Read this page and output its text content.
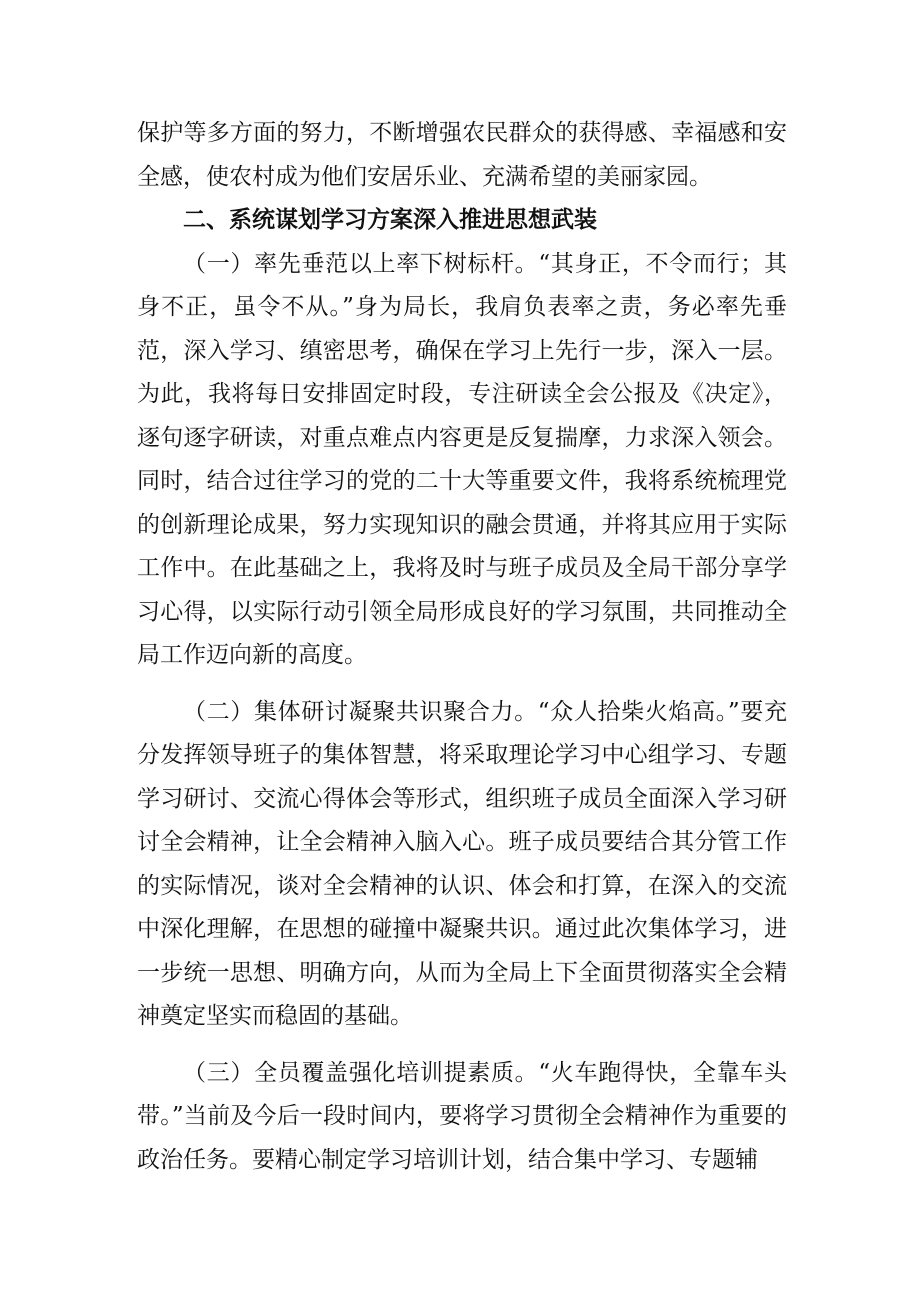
保护等多方面的努力，不断增强农民群众的获得感、幸福感和安全感，使农村成为他们安居乐业、充满希望的美丽家园。

二、系统谋划学习方案深入推进思想武装

（一）率先垂范以上率下树标杆。“其身正，不令而行；其身不正，虽令不从。”身为局长，我肩负表率之责，务必率先垂范，深入学习、缜密思考，确保在学习上先行一步，深入一层。为此，我将每日安排固定时段，专注研读全会公报及《决定》，逐句逐字研读，对重点难点内容更是反复揣摩，力求深入领会。同时，结合过往学习的党的二十大等重要文件，我将系统梳理党的创新理论成果，努力实现知识的融会贯通，并将其应用于实际工作中。在此基础之上，我将及时与班子成员及全局干部分享学习心得，以实际行动引领全局形成良好的学习氛围，共同推动全局工作迈向新的高度。

（二）集体研讨凝聚共识聚合力。“众人拾柴火焰高。”要充分发挥领导班子的集体智慧，将采取理论学习中心组学习、专题学习研讨、交流心得体会等形式，组织班子成员全面深入学习研讨全会精神，让全会精神入脑入心。班子成员要结合其分管工作的实际情况，谈对全会精神的认识、体会和打算，在深入的交流中深化理解，在思想的碰撞中凝聚共识。通过此次集体学习，进一步统一思想、明确方向，从而为全局上下全面贯彻落实全会精神奠定坚实而稳固的基础。

（三）全员覆盖强化培训提素质。“火车跑得快，全靠车头带。”当前及今后一段时间内，要将学习贯彻全会精神作为重要的政治任务。要精心制定学习培训计划，结合集中学习、专题辅
